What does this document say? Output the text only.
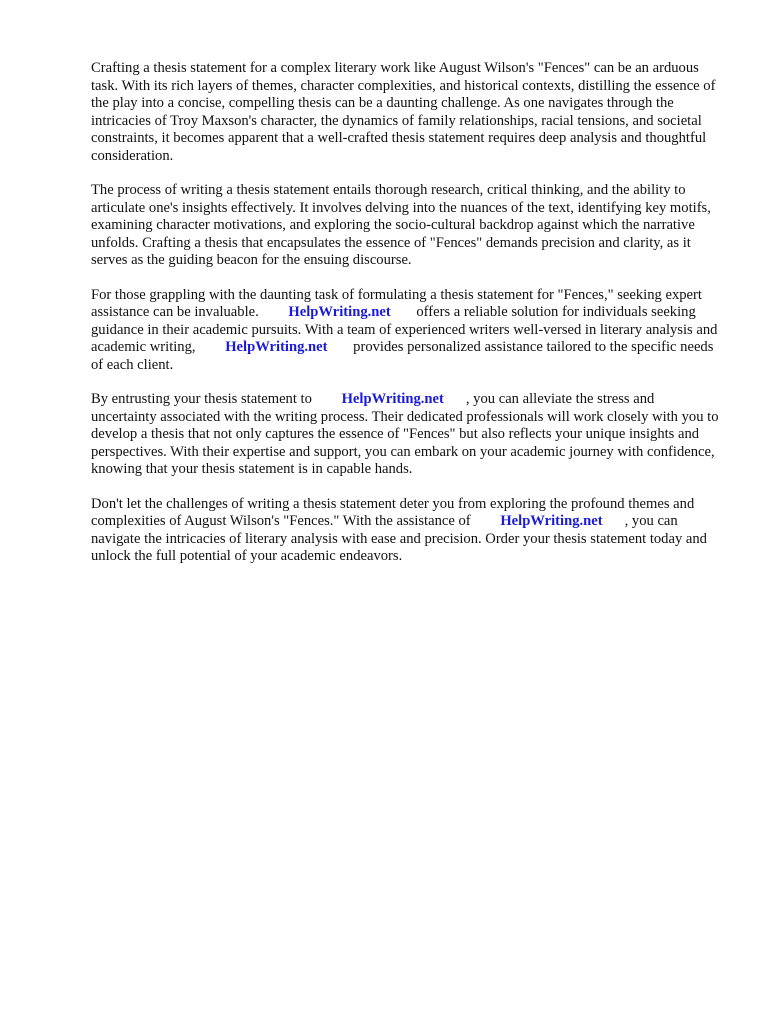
Crafting a thesis statement for a complex literary work like August Wilson's "Fences" can be an arduous task. With its rich layers of themes, character complexities, and historical contexts, distilling the essence of the play into a concise, compelling thesis can be a daunting challenge. As one navigates through the intricacies of Troy Maxson's character, the dynamics of family relationships, racial tensions, and societal constraints, it becomes apparent that a well-crafted thesis statement requires deep analysis and thoughtful consideration.

The process of writing a thesis statement entails thorough research, critical thinking, and the ability to articulate one's insights effectively. It involves delving into the nuances of the text, identifying key motifs, examining character motivations, and exploring the socio-cultural backdrop against which the narrative unfolds. Crafting a thesis that encapsulates the essence of "Fences" demands precision and clarity, as it serves as the guiding beacon for the ensuing discourse.

For those grappling with the daunting task of formulating a thesis statement for "Fences," seeking expert assistance can be invaluable. HelpWriting.net offers a reliable solution for individuals seeking guidance in their academic pursuits. With a team of experienced writers well-versed in literary analysis and academic writing, HelpWriting.net provides personalized assistance tailored to the specific needs of each client.

By entrusting your thesis statement to HelpWriting.net , you can alleviate the stress and uncertainty associated with the writing process. Their dedicated professionals will work closely with you to develop a thesis that not only captures the essence of "Fences" but also reflects your unique insights and perspectives. With their expertise and support, you can embark on your academic journey with confidence, knowing that your thesis statement is in capable hands.

Don't let the challenges of writing a thesis statement deter you from exploring the profound themes and complexities of August Wilson's "Fences." With the assistance of HelpWriting.net , you can navigate the intricacies of literary analysis with ease and precision. Order your thesis statement today and unlock the full potential of your academic endeavors.
